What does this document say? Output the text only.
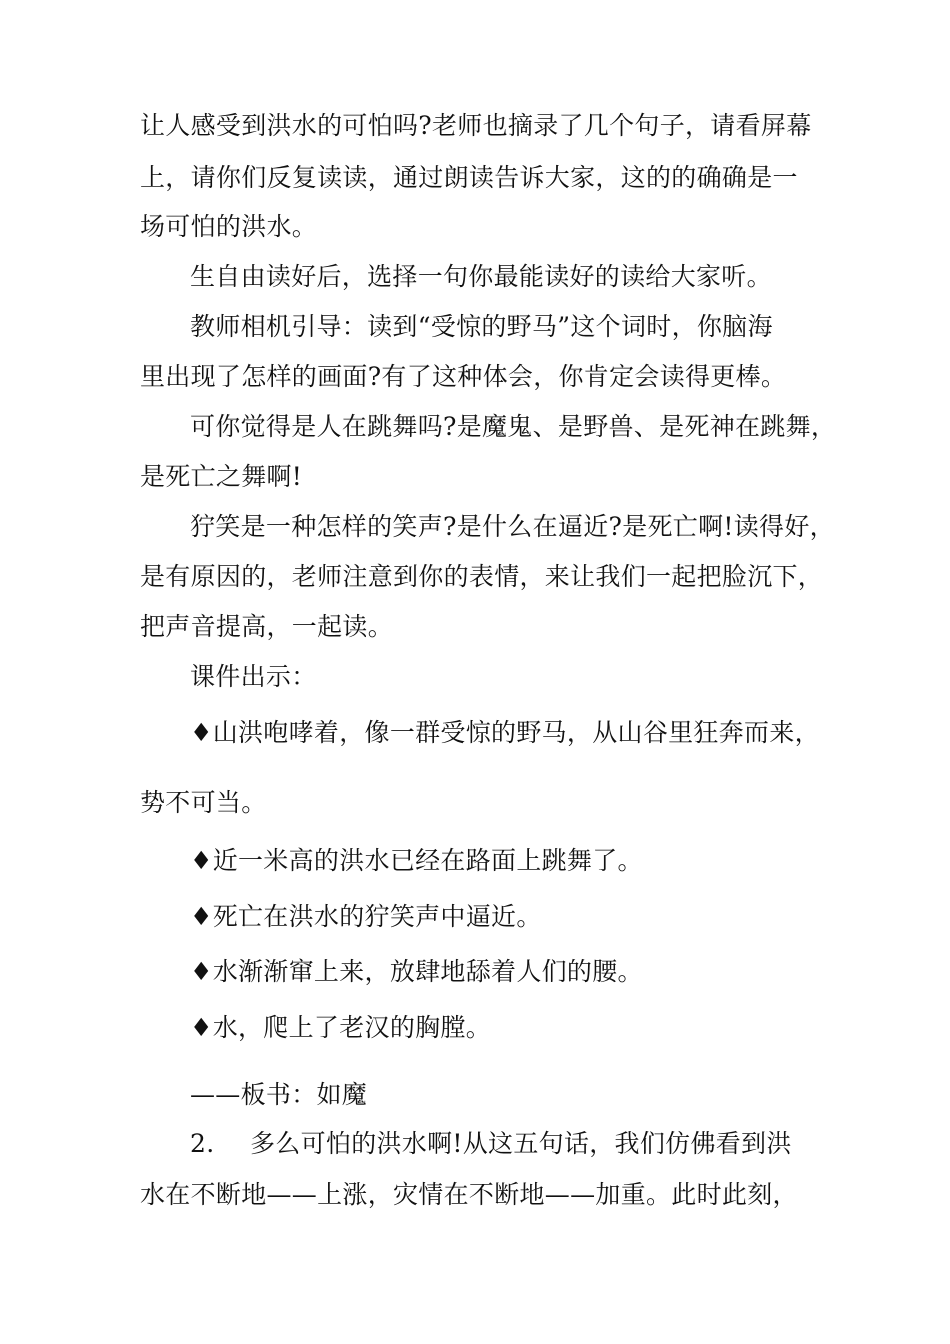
让人感受到洪水的可怕吗?老师也摘录了几个句子，请看屏幕
上，请你们反复读读，通过朗读告诉大家，这的的确确是一
场可怕的洪水。
生自由读好后，选择一句你最能读好的读给大家听。
教师相机引导：读到“受惊的野马”这个词时，你脑海
里出现了怎样的画面?有了这种体会，你肯定会读得更棒。
可你觉得是人在跳舞吗?是魔鬼、是野兽、是死神在跳舞，
是死亡之舞啊!
狞笑是一种怎样的笑声?是什么在逼近?是死亡啊!读得好，
是有原因的，老师注意到你的表情，来让我们一起把脸沉下，
把声音提高，一起读。
课件出示：
♦山洪咆哮着，像一群受惊的野马，从山谷里狂奔而来，
势不可当。
♦近一米高的洪水已经在路面上跳舞了。
♦死亡在洪水的狞笑声中逼近。
♦水渐渐窜上来，放肆地舔着人们的腰。
♦水，爬上了老汉的胸膛。
——板书：如魔
2. 多么可怕的洪水啊!从这五句话，我们仿佛看到洪
水在不断地——上涨，灾情在不断地——加重。此时此刻，
